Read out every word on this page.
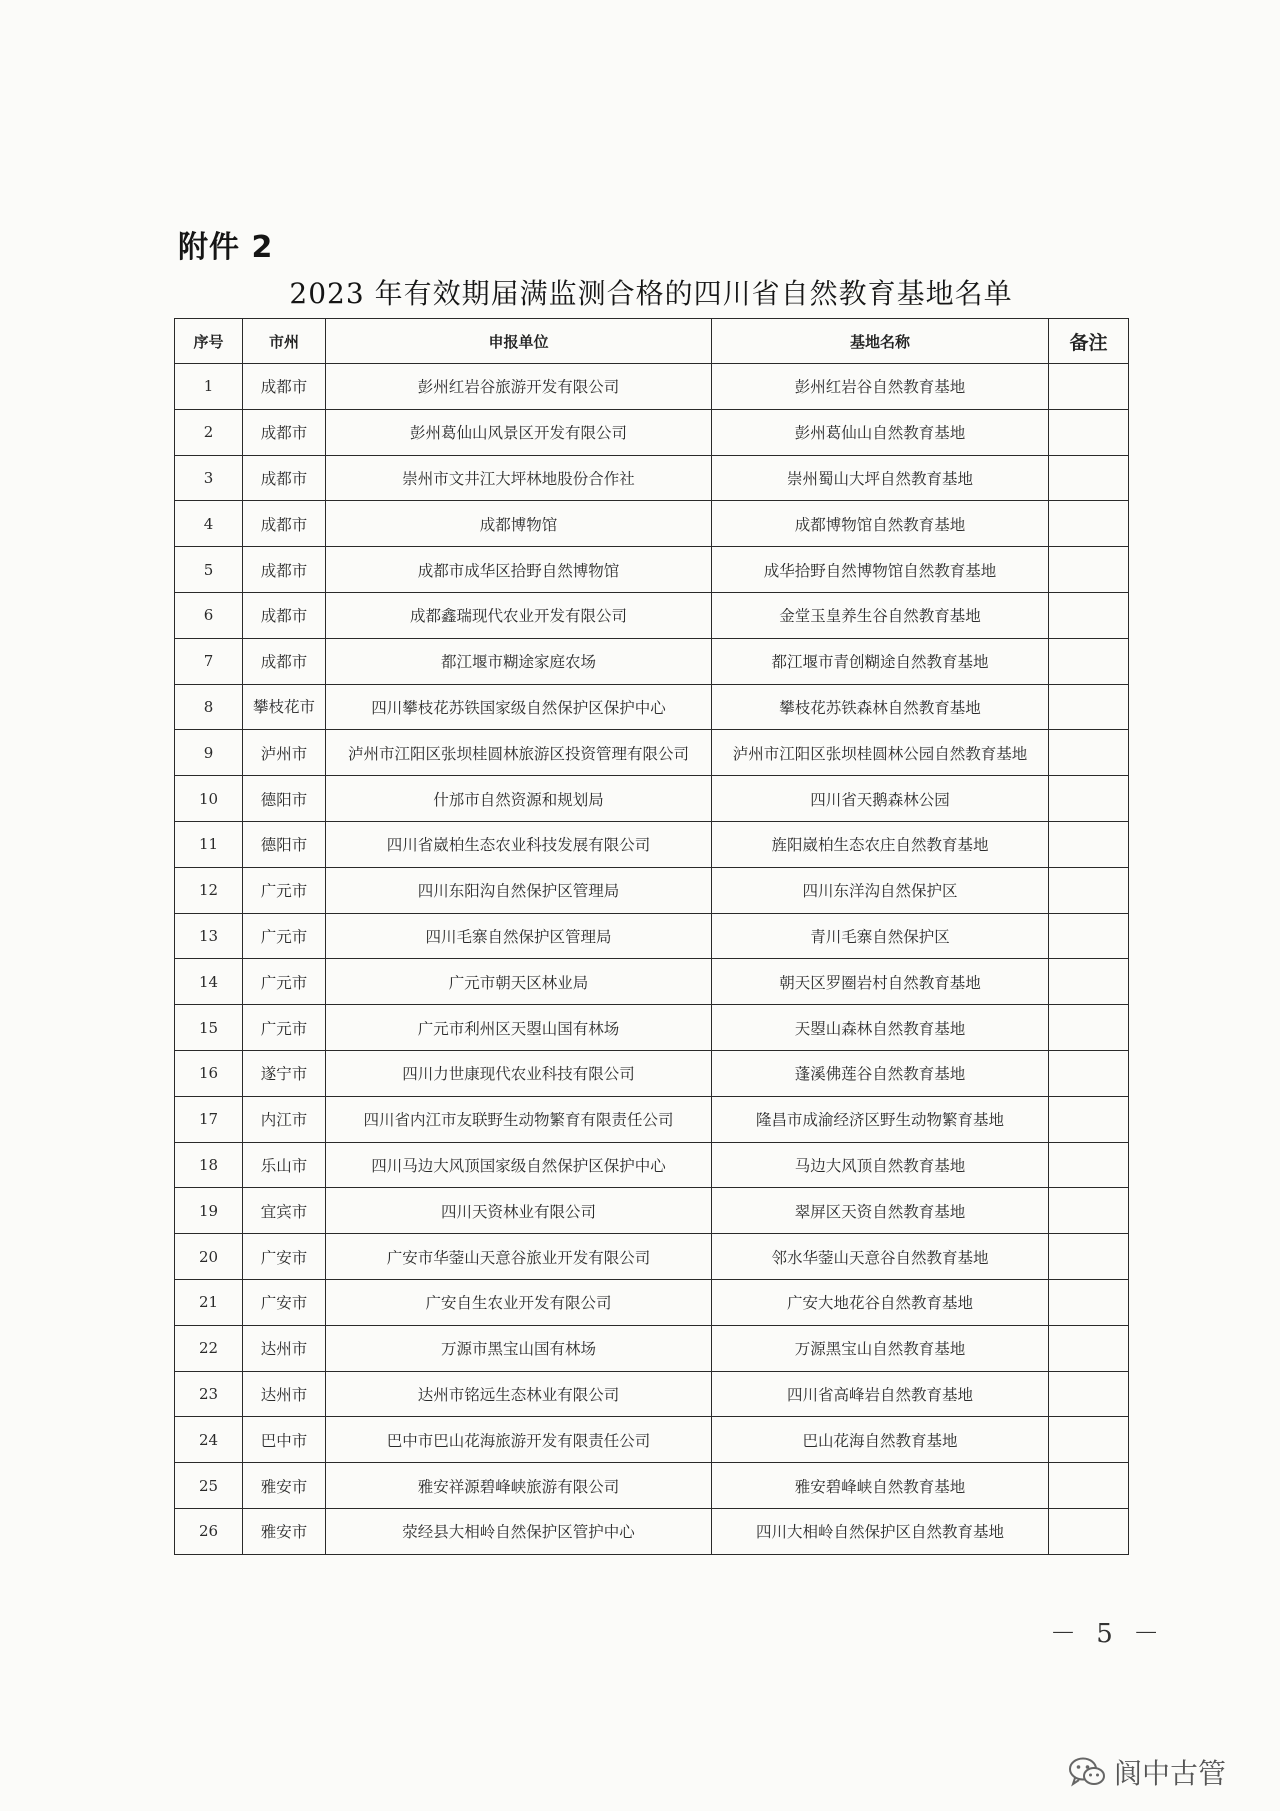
附件 2
2023 年有效期届满监测合格的四川省自然教育基地名单
序号	市州	申报单位	基地名称	备注
1	成都市	彭州红岩谷旅游开发有限公司	彭州红岩谷自然教育基地	
2	成都市	彭州葛仙山风景区开发有限公司	彭州葛仙山自然教育基地	
3	成都市	崇州市文井江大坪林地股份合作社	崇州蜀山大坪自然教育基地	
4	成都市	成都博物馆	成都博物馆自然教育基地	
5	成都市	成都市成华区拾野自然博物馆	成华拾野自然博物馆自然教育基地	
6	成都市	成都鑫瑞现代农业开发有限公司	金堂玉皇养生谷自然教育基地	
7	成都市	都江堰市糊途家庭农场	都江堰市青创糊途自然教育基地	
8	攀枝花市	四川攀枝花苏铁国家级自然保护区保护中心	攀枝花苏铁森林自然教育基地	
9	泸州市	泸州市江阳区张坝桂圆林旅游区投资管理有限公司	泸州市江阳区张坝桂圆林公园自然教育基地	
10	德阳市	什邡市自然资源和规划局	四川省天鹅森林公园	
11	德阳市	四川省崴柏生态农业科技发展有限公司	旌阳崴柏生态农庄自然教育基地	
12	广元市	四川东阳沟自然保护区管理局	四川东洋沟自然保护区	
13	广元市	四川毛寨自然保护区管理局	青川毛寨自然保护区	
14	广元市	广元市朝天区林业局	朝天区罗圈岩村自然教育基地	
15	广元市	广元市利州区天曌山国有林场	天曌山森林自然教育基地	
16	遂宁市	四川力世康现代农业科技有限公司	蓬溪佛莲谷自然教育基地	
17	内江市	四川省内江市友联野生动物繁育有限责任公司	隆昌市成渝经济区野生动物繁育基地	
18	乐山市	四川马边大风顶国家级自然保护区保护中心	马边大风顶自然教育基地	
19	宜宾市	四川天资林业有限公司	翠屏区天资自然教育基地	
20	广安市	广安市华蓥山天意谷旅业开发有限公司	邻水华蓥山天意谷自然教育基地	
21	广安市	广安自生农业开发有限公司	广安大地花谷自然教育基地	
22	达州市	万源市黑宝山国有林场	万源黑宝山自然教育基地	
23	达州市	达州市铭远生态林业有限公司	四川省高峰岩自然教育基地	
24	巴中市	巴中市巴山花海旅游开发有限责任公司	巴山花海自然教育基地	
25	雅安市	雅安祥源碧峰峡旅游有限公司	雅安碧峰峡自然教育基地	
26	雅安市	荥经县大相岭自然保护区管护中心	四川大相岭自然保护区自然教育基地	
－ 5 －
阆中古管
